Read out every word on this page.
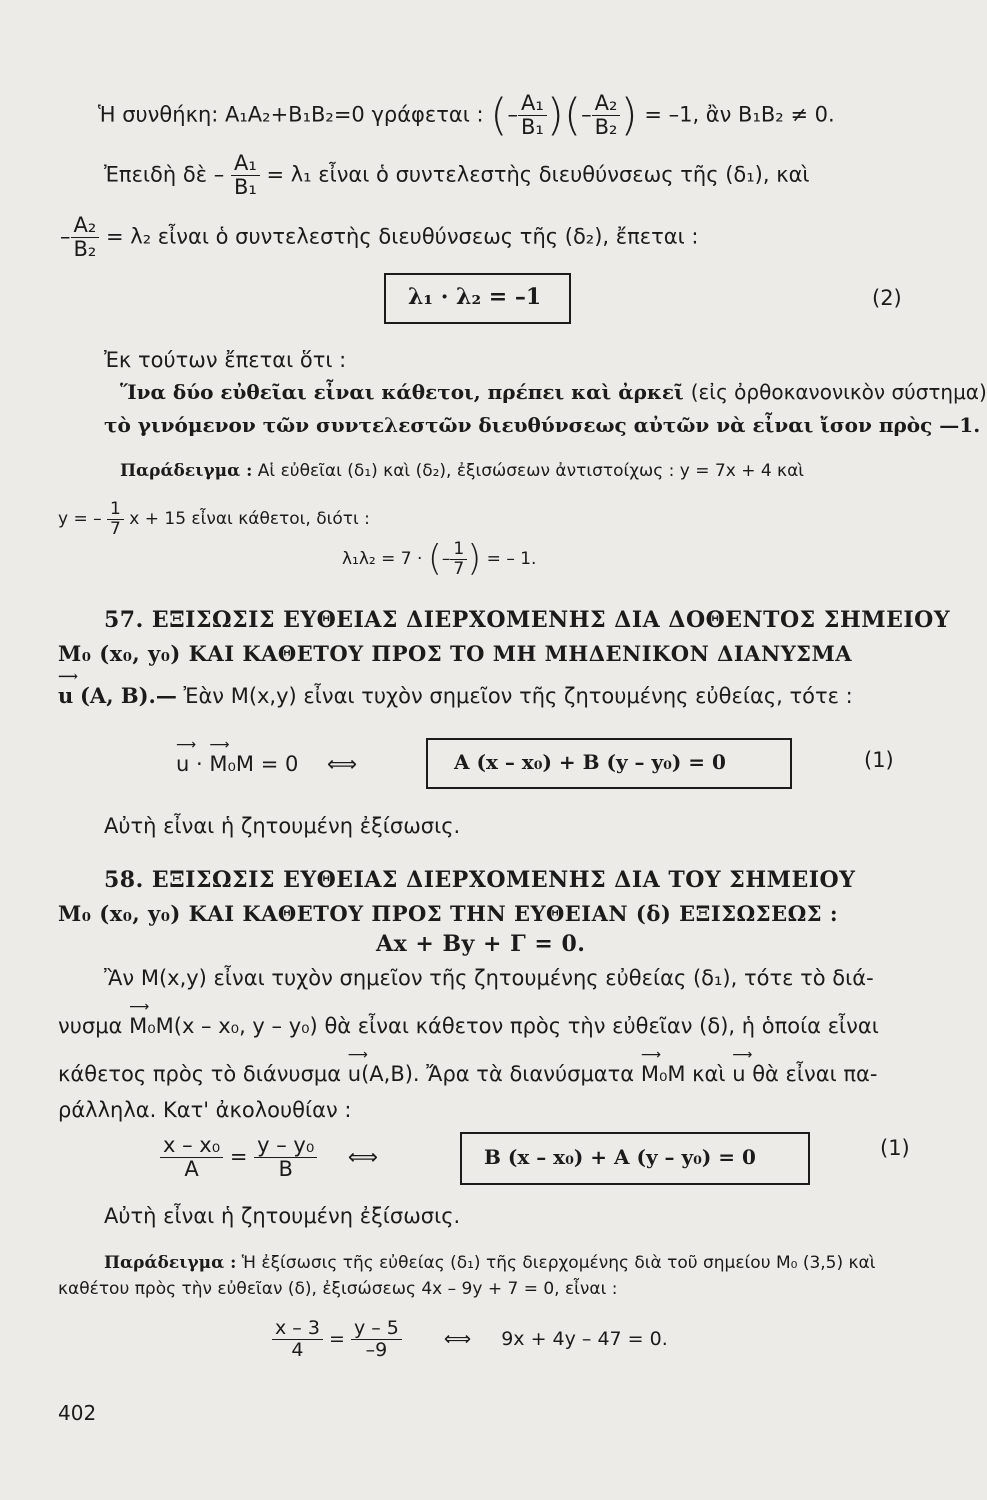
Ἡ συνθήκη: A₁A₂+B₁B₂=0 γράφεται : (– $\frac{\text{A₁}}{\text{B₁}}$ )(– $\frac{\text{A₂}}{\text{B₂}}$ ) = –1, ἂν B₁B₂ ≠ 0.
Ἐπειδὴ δὲ – $\frac{\text{A₁}}{\text{B₁}} = \lambda_1$ εἶναι ὁ συντελεστὴς διευθύνσεως τῆς (δ₁), καὶ
– $\frac{\text{A₂}}{\text{B₂}} = \lambda_2$ εἶναι ὁ συντελεστὴς διευθύνσεως τῆς (δ₂), ἔπεται :
λ₁ · λ₂ = –1	(2)
Ἐκ τούτων ἔπεται ὅτι :
Ἵνα δύο εὐθεῖαι εἶναι κάθετοι, πρέπει καὶ ἀρκεῖ (εἰς ὀρθοκανονικὸν σύστημα)
τὸ γινόμενον τῶν συντελεστῶν διευθύνσεως αὐτῶν νὰ εἶναι ἴσον πρὸς —1.
Παράδειγμα : Αἱ εὐθεῖαι (δ₁) καὶ (δ₂), ἐξισώσεων ἀντιστοίχως : y = 7x + 4 καὶ
y = – $\frac{1}{7}$ x + 15 εἶναι κάθετοι, διότι :
λ₁λ₂ = 7 · (– $\frac{1}{7}$ ) = – 1.
57. ΕΞΙΣΩΣΙΣ ΕΥΘΕΙΑΣ ΔΙΕΡΧΟΜΕΝΗΣ ΔΙΑ ΔΟΘΕΝΤΟΣ ΣΗΜΕΙΟΥ
M₀ (x₀, y₀) ΚΑΙ ΚΑΘΕΤΟΥ ΠΡΟΣ ΤΟ ΜΗ ΜΗΔΕΝΙΚΟΝ ΔΙΑΝΥΣΜΑ
⟶ u (A, B).— Ἐὰν M(x,y) εἶναι τυχὸν σημεῖον τῆς ζητουμένης εὐθείας, τότε :
⟶ u · ⟶ M₀M = 0 ⟺	A (x – x₀) + B (y – y₀) = 0	(1)
Αὐτὴ εἶναι ἡ ζητουμένη ἐξίσωσις.
58. ΕΞΙΣΩΣΙΣ ΕΥΘΕΙΑΣ ΔΙΕΡΧΟΜΕΝΗΣ ΔΙΑ ΤΟΥ ΣΗΜΕΙΟΥ
M₀ (x₀, y₀) ΚΑΙ ΚΑΘΕΤΟΥ ΠΡΟΣ ΤΗΝ ΕΥΘΕΙΑΝ (δ) ΕΞΙΣΩΣΕΩΣ :
Ax + By + Γ = 0.
Ἂν M(x,y) εἶναι τυχὸν σημεῖον τῆς ζητουμένης εὐθείας (δ₁), τότε τὸ διά-
νυσμα ⟶ M₀M(x – x₀, y – y₀) θὰ εἶναι κάθετον πρὸς τὴν εὐθεῖαν (δ), ἡ ὁποία εἶναι
κάθετος πρὸς τὸ διάνυσμα ⟶ u(A,B). Ἄρα τὰ διανύσματα ⟶ M₀M καὶ ⟶ u θὰ εἶναι πα-
ράλληλα. Κατ' ἀκολουθίαν :
$\frac{\text{x – x₀}}{A} = \frac{\text{y – y₀}}{B}$ ⟺	B (x – x₀) + A (y – y₀) = 0	(1)
Αὐτὴ εἶναι ἡ ζητουμένη ἐξίσωσις.
Παράδειγμα : Ἡ ἐξίσωσις τῆς εὐθείας (δ₁) τῆς διερχομένης διὰ τοῦ σημείου M₀ (3,5) καὶ
καθέτου πρὸς τὴν εὐθεῖαν (δ), ἐξισώσεως 4x – 9y + 7 = 0, εἶναι :
$\frac{x - 3}{4} = \frac{y - 5}{-9}$ ⟺ 9x + 4y – 47 = 0.
402
